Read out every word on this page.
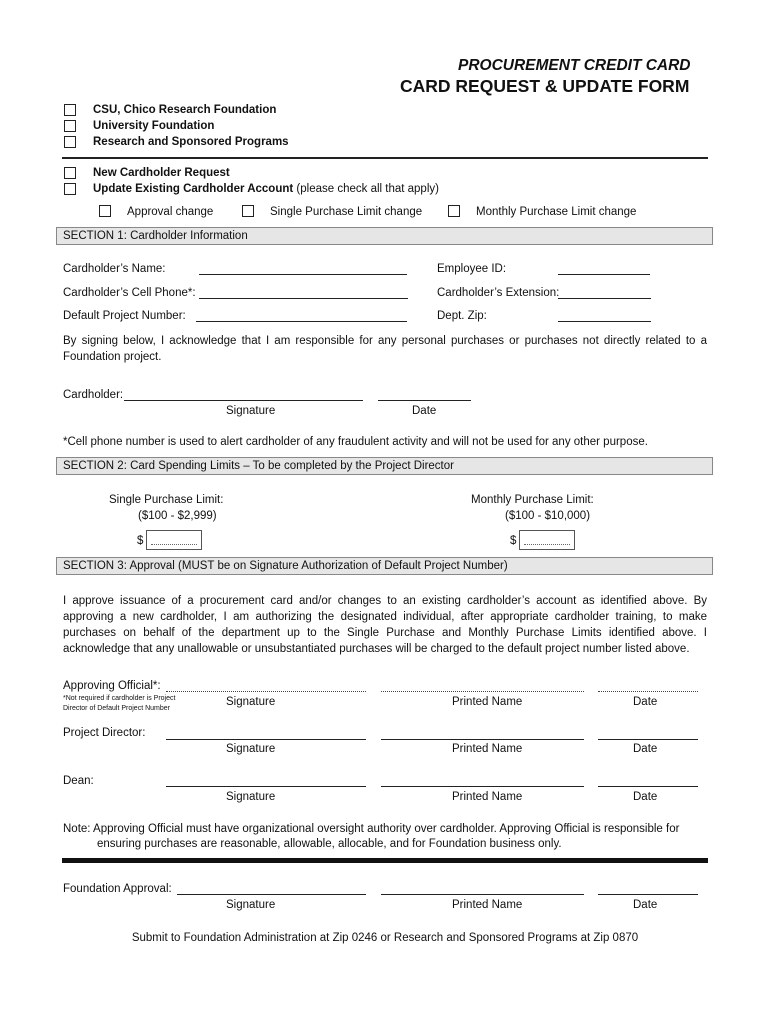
PROCUREMENT CREDIT CARD
CARD REQUEST & UPDATE FORM
CSU, Chico Research Foundation
University Foundation
Research and Sponsored Programs
New Cardholder Request
Update Existing Cardholder Account (please check all that apply)
Approval change	Single Purchase Limit change	Monthly Purchase Limit change
SECTION 1: Cardholder Information
Cardholder’s Name:	Employee ID:
Cardholder’s Cell Phone*:	Cardholder’s Extension:
Default Project Number:	Dept. Zip:
By signing below, I acknowledge that I am responsible for any personal purchases or purchases not directly related to a Foundation project.
Cardholder:
Signature	Date
*Cell phone number is used to alert cardholder of any fraudulent activity and will not be used for any other purpose.
SECTION 2: Card Spending Limits – To be completed by the Project Director
Single Purchase Limit:
($100 - $2,999)
$
Monthly Purchase Limit:
($100 - $10,000)
$
SECTION 3: Approval (MUST be on Signature Authorization of Default Project Number)
I approve issuance of a procurement card and/or changes to an existing cardholder’s account as identified above. By approving a new cardholder, I am authorizing the designated individual, after appropriate cardholder training, to make purchases on behalf of the department up to the Single Purchase and Monthly Purchase Limits identified above. I acknowledge that any unallowable or unsubstantiated purchases will be charged to the default project number listed above.
Approving Official*:
*Not required if cardholder is Project
Director of Default Project Number
Signature	Printed Name	Date
Project Director:
Signature	Printed Name	Date
Dean:
Signature	Printed Name	Date
Note: Approving Official must have organizational oversight authority over cardholder. Approving Official is responsible for
ensuring purchases are reasonable, allowable, allocable, and for Foundation business only.
Foundation Approval:
Signature	Printed Name	Date
Submit to Foundation Administration at Zip 0246 or Research and Sponsored Programs at Zip 0870
